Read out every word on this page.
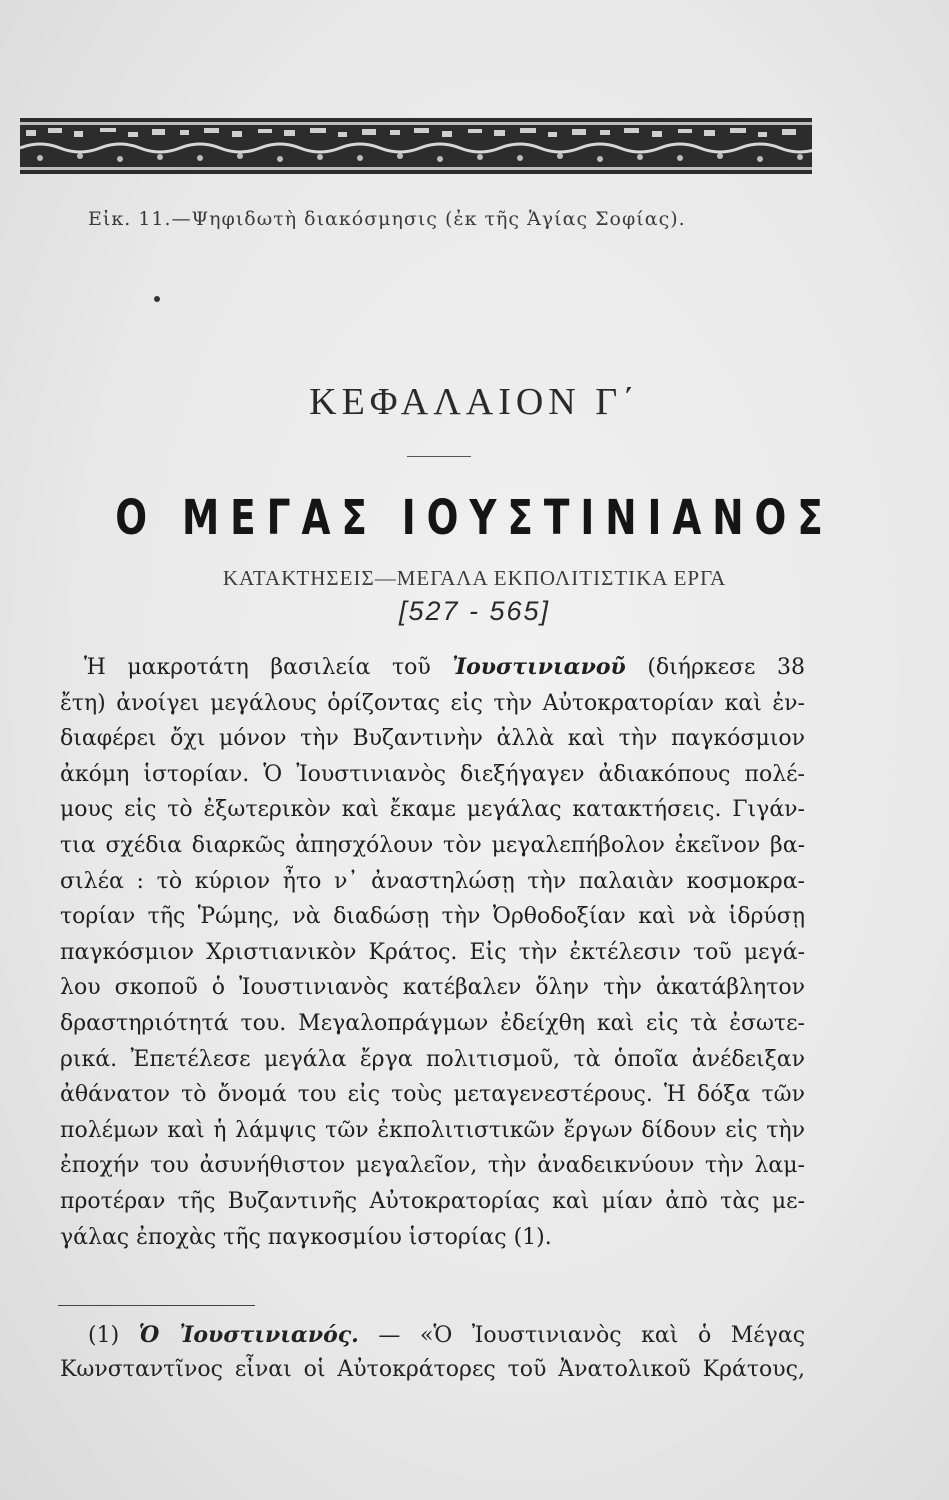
Εἰκ. 11.—Ψηφιδωτὴ διακόσμησις (ἐκ τῆς Ἁγίας Σοφίας).
ΚΕΦΑΛΑΙΟΝ Γ΄
Ο ΜΕΓΑΣ ΙΟΥΣΤΙΝΙΑΝΟΣ
ΚΑΤΑΚΤΗΣΕΙΣ—ΜΕΓΑΛΑ ΕΚΠΟΛΙΤΙΣΤΙΚΑ ΕΡΓΑ
[527 - 565]
Ἡ μακροτάτη βασιλεία τοῦ Ἰουστινιανοῦ (διήρκεσε 38
ἔτη) ἀνοίγει μεγάλους ὁρίζοντας εἰς τὴν Αὐτοκρατορίαν καὶ ἐν-
διαφέρει ὄχι μόνον τὴν Βυζαντινὴν ἀλλὰ καὶ τὴν παγκόσμιον
ἀκόμη ἱστορίαν. Ὁ Ἰουστινιανὸς διεξήγαγεν ἀδιακόπους πολέ-
μους εἰς τὸ ἐξωτερικὸν καὶ ἔκαμε μεγάλας κατακτήσεις. Γιγάν-
τια σχέδια διαρκῶς ἀπησχόλουν τὸν μεγαλεπήβολον ἐκεῖνον βα-
σιλέα : τὸ κύριον ἦτο ν᾽ ἀναστηλώσῃ τὴν παλαιὰν κοσμοκρα-
τορίαν τῆς Ῥώμης, νὰ διαδώσῃ τὴν Ὀρθοδοξίαν καὶ νὰ ἱδρύσῃ
παγκόσμιον Χριστιανικὸν Κράτος. Εἰς τὴν ἐκτέλεσιν τοῦ μεγά-
λου σκοποῦ ὁ Ἰουστινιανὸς κατέβαλεν ὅλην τὴν ἀκατάβλητον
δραστηριότητά του. Μεγαλοπράγμων ἐδείχθη καὶ εἰς τὰ ἐσωτε-
ρικά. Ἐπετέλεσε μεγάλα ἔργα πολιτισμοῦ, τὰ ὁποῖα ἀνέδειξαν
ἀθάνατον τὸ ὄνομά του εἰς τοὺς μεταγενεστέρους. Ἡ δόξα τῶν
πολέμων καὶ ἡ λάμψις τῶν ἐκπολιτιστικῶν ἔργων δίδουν εἰς τὴν
ἐποχήν του ἀσυνήθιστον μεγαλεῖον, τὴν ἀναδεικνύουν τὴν λαμ-
προτέραν τῆς Βυζαντινῆς Αὐτοκρατορίας καὶ μίαν ἀπὸ τὰς με-
γάλας ἐποχὰς τῆς παγκοσμίου ἱστορίας (1).
(1) Ὁ Ἰουστινιανός. — «Ὁ Ἰουστινιανὸς καὶ ὁ Μέγας
Κωνσταντῖνος εἶναι οἱ Αὐτοκράτορες τοῦ Ἀνατολικοῦ Κράτους,
